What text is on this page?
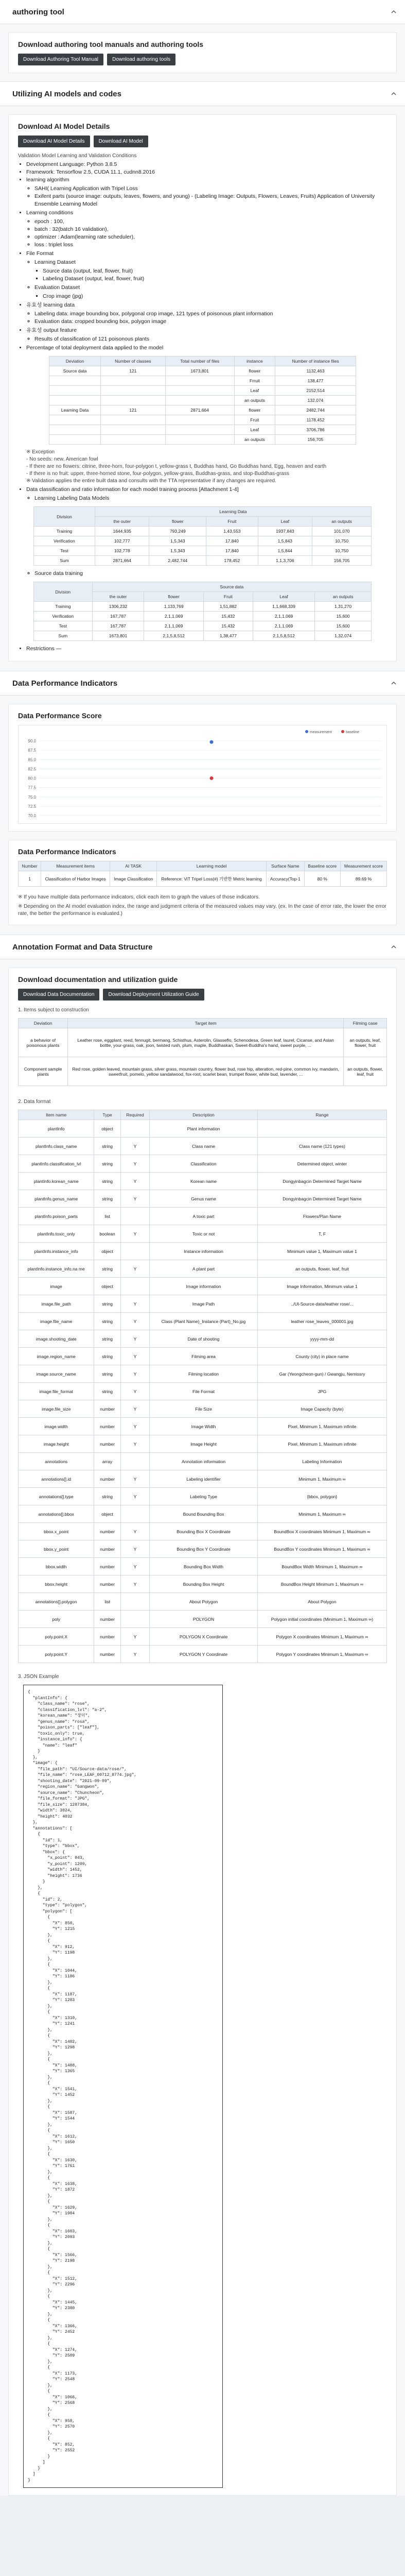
authoring tool
Download authoring tool manuals and authoring tools
Download Authoring Tool Manual	Download authoring tools
Utilizing AI models and codes
Download AI Model Details
Download AI Model Details	Download AI Model
Validation Model Learning and Validation Conditions
• Development Language: Python 3.8.5
• Framework: Tensorflow 2.5, CUDA 11.1, cudnn8.2016
• learning algorithm
◦ SAHI( Learning Application with Tripel Loss
◦ Exifent parts (source image: outputs, leaves, flowers, and young) - (Labeling Image: Outputs, Flowers, Leaves, Fruits) Application of University Ensemble Learning Model
• Learning conditions
◦ epoch : 100,
◦ batch : 32(batch 16 validation),
◦ optimizer : Adam(learning rate scheduler),
◦ loss : triplet loss
• File Format
◦ Learning Dataset
▪ Source data (output, leaf, flower, fruit)
▪ Labeling Dataset (output, leaf, flower, fruit)
◦ Evaluation Dataset
▪ Crop image (jpg)
• 유효성 learning data
◦ Labeling data: image bounding box, polygonal crop image, 121 types of poisonous plant information
◦ Evaluation data: cropped bounding box, polygon image
• 유효성 output feature
◦ Results of classification of 121 poisonous plants
• Percentage of total deployment data applied to the model
Deviation	Number of classes	Total number of files	instance	Number of instance files
Source data	121	1673,801	flower	1132,463
			Frruit	138,477
			Leaf	2152,514
			an outputs	132,074
Learning Data	121	2871,664	flower	2482,744
			Fruit	1178,452
			Leaf	3706,786
			an outputs	156,705
※ Exception
- No seeds: new, American fowl
- If there are no flowers: citrine, three-horn, four-polygon t, yellow-grass t, Buddhas hand, Go Buddhas hand, Egg, heaven and earth
- If there is no fruit: upper, three-horned stone, four-polygon, yellow-grass, Buddhas-grass, and stop-Buddhas-grass
※ Validation applies the entire built data and consults with the TTA representative if any changes are required.
• Data classification and ratio information for each model training process [Attachment 1-4]
◦ Learning Labeling Data Models
Division	Learning Data				
	the outer	flower	Fruit	Leaf	an outputs
Training	1644,935	793,249	1,43,553	1937,843	101,070
Verification	102,777	1,5,343	17,840	1,5,843	10,750
Test	102,778	1,5,343	17,840	1,5,844	10,750
Sum	2871,664	2,482,744	178,452	1,1,3,706	156,705
◦ Source data training
Division	Source data				
	the outer	flower	Fruit	Leaf	an outputs
Training	1306,232	1,133,769	1,51,882	1,1,668,339	1,31,270
Verification	167,787	2,1,1,069	15,432	2,1,1,069	15,600
Test	167,787	2,1,1,069	15,432	2,1,1,069	15,600
Sum	1673,801	2,1,5,8,512	1,38,477	2,1,5,8,512	1,32,074
• Restrictions —
Data Performance Indicators
Data Performance Score
90.0
87.5
85.0
82.5
80.0
77.5
75.0
72.5
70.0
measurement	baseline
Data Performance Indicators
Number	Measurement items	AI TASK	Learning model	Surface Name	Baseline score	Measurement score
1	Classification of Harbor Images	Image Classification	Reference: ViT Tripel Loss(#) 기반한 Metric learning	Accuracy(Top-1	80 %	89.69 %
※ If you have multiple data performance indicators, click each item to graph the values of those indicators.
※ Depending on the AI model evaluation index, the range and judgment criteria of the measured values may vary. (ex. In the case of error rate, the lower the error rate, the better the performance is evaluated.)
Annotation Format and Data Structure
Download documentation and utilization guide
Download Data Documentation	Download Deployment Utilization Guide
1. Items subject to construction
Deviation	Target item	Filming case
a behavior of poisonous plants	Leather rose, eggplant, reed, fennugit, bermang, Schisthus, Asterolin, Glasseflo, Schenodesa, Green leaf, laurel, Cicanse, and Asian bottle, your-grass, oak, joon, twisted rush, plum, maple, Buddhaskan, Sweet-Buddha's hand, sweet purple, ...	an outputs, leaf, flower, fruit
Component sample plants	Red rose, golden leaved, mountain grass, silver grass, mountain country, flower bud, rose hip, alteration, red-pine, common ivy, mandarin, sweetfruit, pomelo, yellow sandalwood, fox-root, scarlet bean, trumpet flower, white bud, lavender, ...	an outputs, flower, leaf, fruit
2. Data format
Item name	Type	Required	Description	Range
plantInfo	object		Plant information	
plantInfo.class_name	string	Y	Class name	Class name (121 types)
plantInfo.classification_lvl	string	Y	Classification	Determined object, winter
plantInfo.korean_name	string	Y	Korean name	Dongyinbagcin Determined Target Name
plantInfo.genus_name	string	Y	Genus name	Dongyinbagcin Determined Target Name
plantInfo.poison_parts	list		A toxic part	Flowers/Plan Name
plantInfo.toxic_only	boolean	Y	Toxic or not	T, F
plantInfo.instance_info	object		Instance information	Minimum value 1, Maximum value 1
plantInfo.instance_info.na me	string	Y	A plant part	an outputs, flower, leaf, fruit
image	object		Image information	Image Information, Minimum value 1
image.file_path	string	Y	Image Path	../UI-Source-data/leather rose/...
image.file_name	string	Y	Class (Plant Name)_Instance (Part)_No.jpg	leather rose_leaves_000001.jpg
image.shooting_date	string	Y	Date of shooting	yyyy-mm-dd
image.region_name	string	Y	Filming area	County (city) in place name
image.source_name	string	Y	Filming location	Gar (Yeongcheon-gun) / Gwangju, Nemissry
image.file_format	string	Y	File Format	JPG
image.file_size	number	Y	File Size	Image Capacity (byte)
image.width	number	Y	Image Width	Pixel, Minimum 1, Maximum infinite
image.height	number	Y	Image Height	Pixel, Minimum 1, Maximum infinite
annotations	array		Annotation information	Labeling Information
annotations[].id	number	Y	Labeling identifier	Minimum 1, Maximum ∞
annotations[].type	string	Y	Labeling Type	{bbox, polygon}
annotations[].bbox	object		Bound Bounding Box	Minimum 1, Maximum ∞
bbox.x_point	number	Y	Bounding Box X Coordinate	BoundBox X coordinates Minimum 1, Maximum ∞
bbox.y_point	number	Y	Bounding Box Y Coordinate	BoundBox Y coordinates Minimum 1, Maximum ∞
bbox.width	number	Y	Bounding Box Width	BoundBox Width Minimum 1, Maximum ∞
bbox.height	number	Y	Bounding Box Height	BoundBox Height Minimum 1, Maximum ∞
annotations[].polygon	list		About Polygon	About Polygon
poly	number		POLYGON	Polygon initial coordinates (Minimum 1, Maximum ∞)
poly.point.X	number	Y	POLYGON X Coordinate	Polygon X coordinates Minimum 1, Maximum ∞
poly.point.Y	number	Y	POLYGON Y Coordinate	Polygon Y coordinates Minimum 1, Maximum ∞
3. JSON Example
{
"plantInfo": {
"class_name": "rose",
"classification_lvl": "a-2",
"korean_name": "장미",
"genus_name": "rosa",
"poison_parts": ["leaf"],
"toxic_only": true,
"instance_info": {
"name": "leaf"
}
},
"image": {
"file_path": "UI/Source-data/rose/",
"file_name": "rose_LEAF_00712_8774.jpg",
"shooting_date": "2021-09-09",
"region_name": "Gangwon",
"source_name": "Chuncheon",
"file_format": "JPG",
"file_size": 1287384,
"width": 3024,
"height": 4032
},
"annotations": [
{
"id": 1,
"type": "bbox",
"bbox": {
"x_point": 843,
"y_point": 1209,
"width": 1452,
"height": 1736
}
},
{
"id": 2,
"type": "polygon",
"polygon": [
{
"X": 850,
"Y": 1215
},
{
"X": 912,
"Y": 1198
},
{
"X": 1044,
"Y": 1186
},
{
"X": 1187,
"Y": 1203
},
{
"X": 1310,
"Y": 1241
},
{
"X": 1402,
"Y": 1298
},
{
"X": 1488,
"Y": 1365
},
{
"X": 1541,
"Y": 1452
},
{
"X": 1587,
"Y": 1544
},
{
"X": 1612,
"Y": 1650
},
{
"X": 1630,
"Y": 1761
},
{
"X": 1638,
"Y": 1872
},
{
"X": 1629,
"Y": 1984
},
{
"X": 1603,
"Y": 2093
},
{
"X": 1566,
"Y": 2198
},
{
"X": 1512,
"Y": 2296
},
{
"X": 1445,
"Y": 2380
},
{
"X": 1366,
"Y": 2452
},
{
"X": 1274,
"Y": 2509
},
{
"X": 1173,
"Y": 2548
},
{
"X": 1066,
"Y": 2568
},
{
"X": 958,
"Y": 2570
},
{
"X": 852,
"Y": 2552
}
]
}
]
}
